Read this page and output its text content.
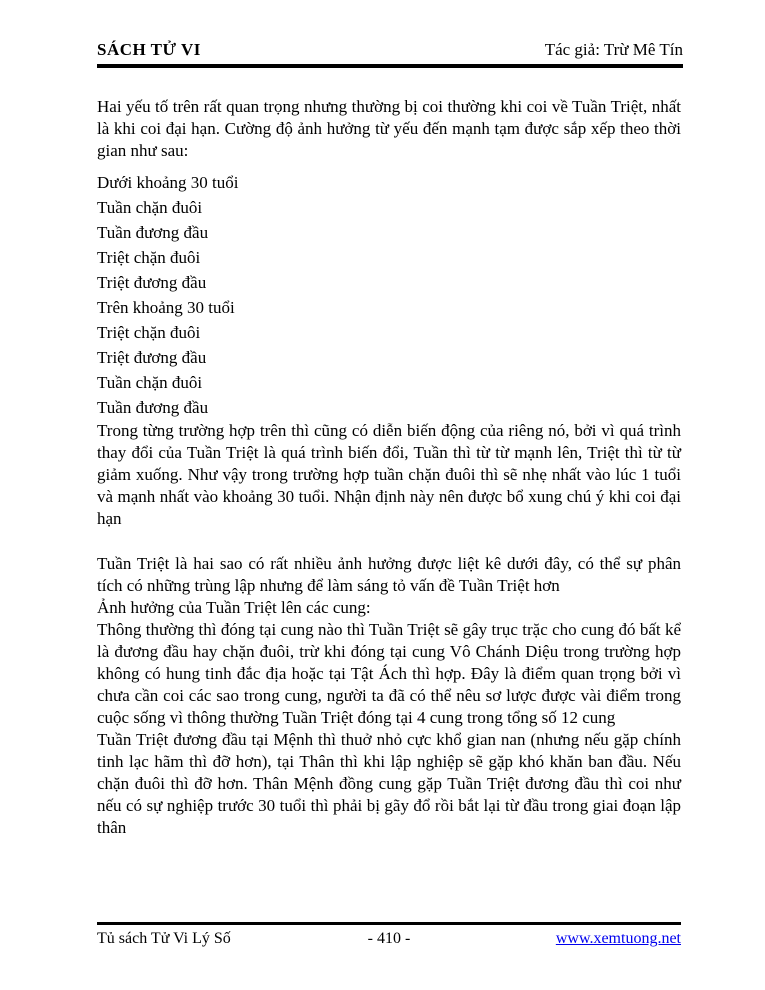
SÁCH TỬ VI	Tác giả: Trừ Mê Tín

Hai yếu tố trên rất quan trọng nhưng thường bị coi thường khi coi về Tuần Triệt, nhất là khi coi đại hạn. Cường độ ảnh hưởng từ yếu đến mạnh tạm được sắp xếp theo thời gian như sau:

Dưới khoảng 30 tuổi
Tuần chặn đuôi
Tuần đương đầu
Triệt chặn đuôi
Triệt đương đầu
Trên khoảng 30 tuổi
Triệt chặn đuôi
Triệt đương đầu
Tuần chặn đuôi
Tuần đương đầu

Trong từng trường hợp trên thì cũng có diễn biến động của riêng nó, bởi vì quá trình thay đổi của Tuần Triệt là quá trình biến đổi, Tuần thì từ từ mạnh lên, Triệt thì từ từ giảm xuống. Như vậy trong trường hợp tuần chặn đuôi thì sẽ nhẹ nhất vào lúc 1 tuổi và mạnh nhất vào khoảng 30 tuổi. Nhận định này nên được bổ xung chú ý khi coi đại hạn

Tuần Triệt là hai sao có rất nhiều ảnh hưởng được liệt kê dưới đây, có thể sự phân tích có những trùng lập nhưng để làm sáng tỏ vấn đề Tuần Triệt hơn

Ảnh hưởng của Tuần Triệt lên các cung:

Thông thường thì đóng tại cung nào thì Tuần Triệt sẽ gây trục trặc cho cung đó bất kể là đương đầu hay chặn đuôi, trừ khi đóng tại cung Vô Chánh Diệu trong trường hợp không có hung tinh đắc địa hoặc tại Tật Ách thì hợp. Đây là điểm quan trọng bởi vì chưa cần coi các sao trong cung, người ta đã có thể nêu sơ lược được vài điểm trong cuộc sống vì thông thường Tuần Triệt đóng tại 4 cung trong tổng số 12 cung

Tuần Triệt đương đầu tại Mệnh thì thuở nhỏ cực khổ gian nan (nhưng nếu gặp chính tinh lạc hãm thì đỡ hơn), tại Thân thì khi lập nghiệp sẽ gặp khó khăn ban đầu. Nếu chặn đuôi thì đỡ hơn. Thân Mệnh đồng cung gặp Tuần Triệt đương đầu thì coi như nếu có sự nghiệp trước 30 tuổi thì phải bị gãy đổ rồi bắt lại từ đầu trong giai đoạn lập thân

Tủ sách Tử Vi Lý Số	- 410 -	www.xemtuong.net
